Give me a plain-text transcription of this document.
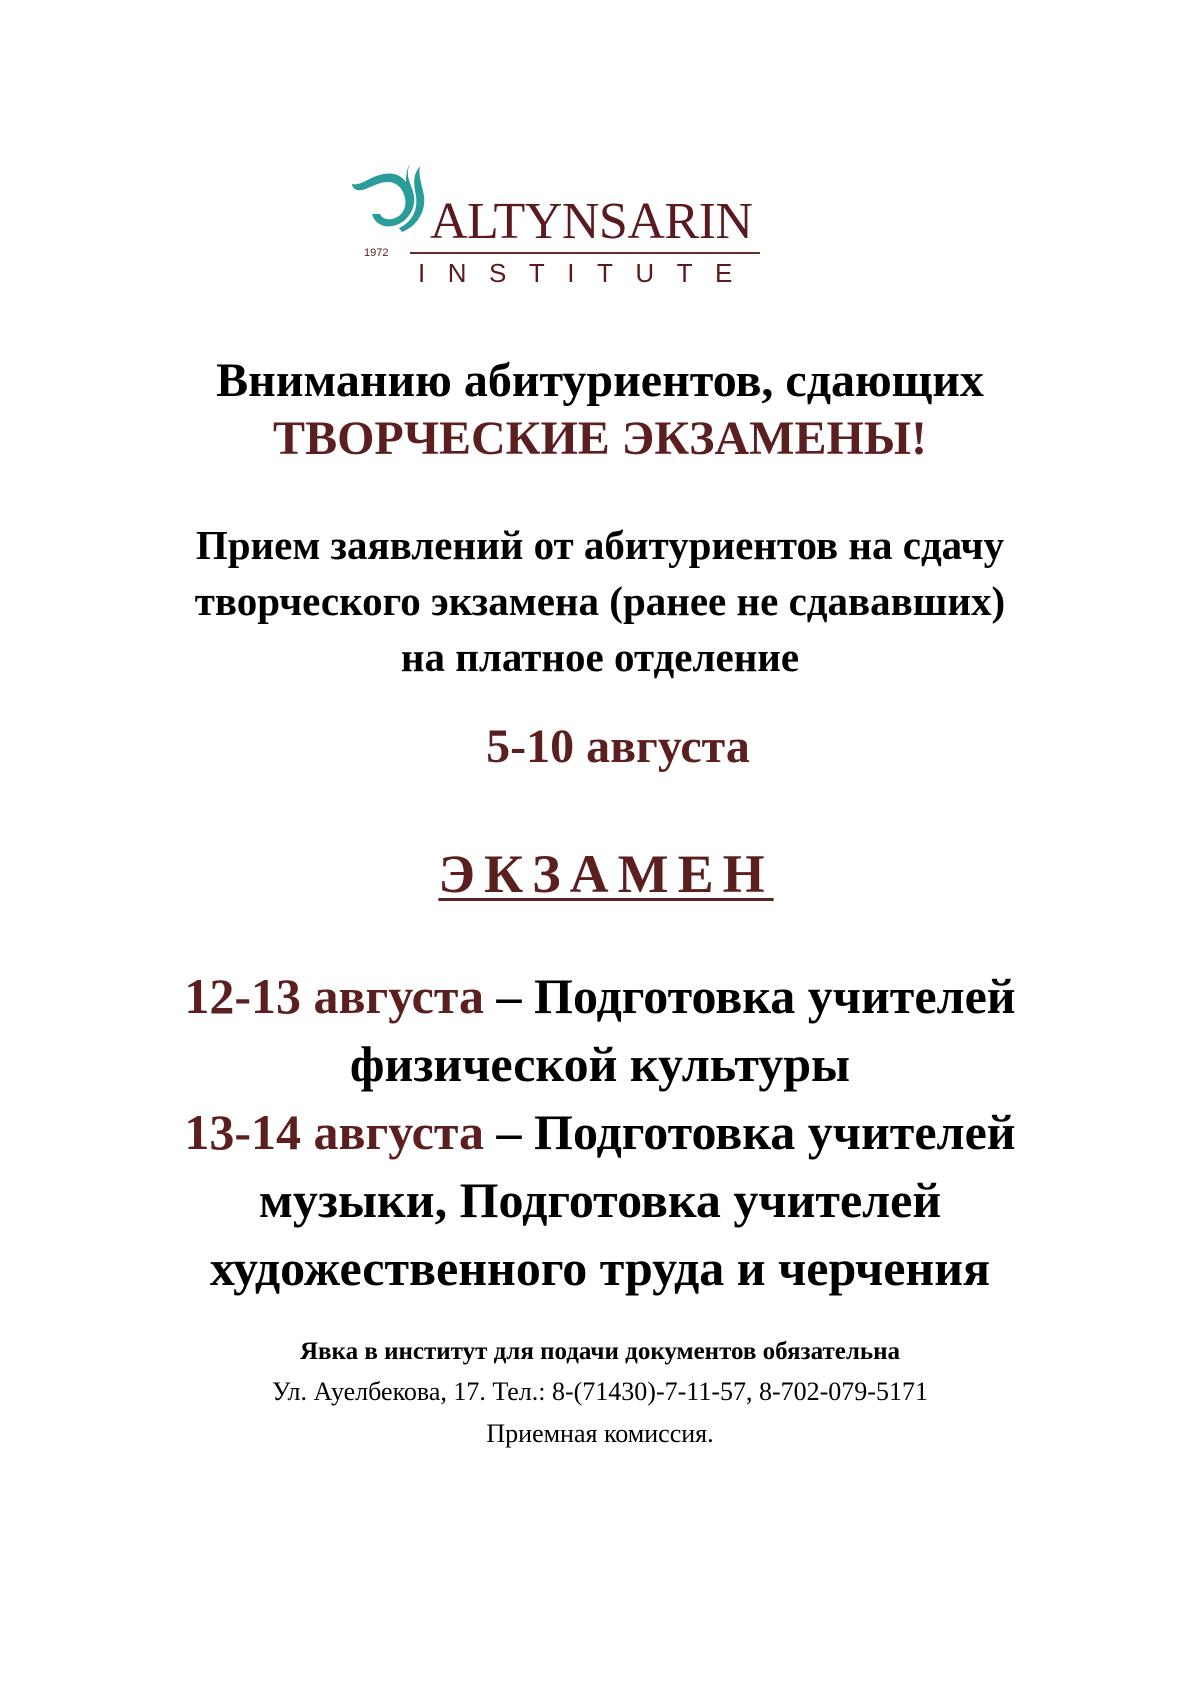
ALTYNSARIN
1972
INSTITUTE
Вниманию абитуриентов, сдающих
ТВОРЧЕСКИЕ ЭКЗАМЕНЫ!
Прием заявлений от абитуриентов на сдачу
творческого экзамена (ранее не сдававших)
на платное отделение
5-10 августа
ЭКЗАМЕН
12-13 августа – Подготовка учителей
физической культуры
13-14 августа – Подготовка учителей
музыки, Подготовка учителей
художественного труда и черчения
Явка в институт для подачи документов обязательна
Ул. Ауелбекова, 17. Тел.: 8-(71430)-7-11-57, 8-702-079-5171
Приемная комиссия.
